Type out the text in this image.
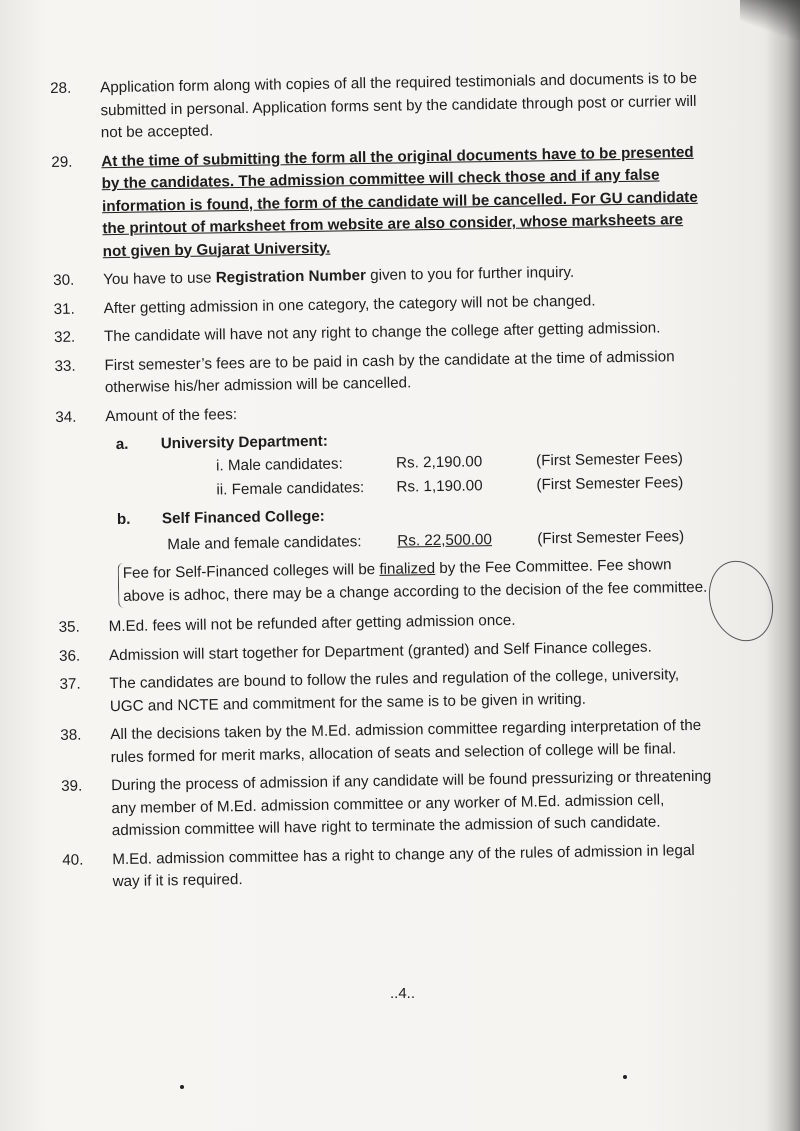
28.	Application form along with copies of all the required testimonials and documents is to be submitted in personal. Application forms sent by the candidate through post or currier will not be accepted.
29.	At the time of submitting the form all the original documents have to be presented by the candidates. The admission committee will check those and if any false information is found, the form of the candidate will be cancelled. For GU candidate the printout of marksheet from website are also consider, whose marksheets are not given by Gujarat University.
30.	You have to use Registration Number given to you for further inquiry.
31.	After getting admission in one category, the category will not be changed.
32.	The candidate will have not any right to change the college after getting admission.
33.	First semester’s fees are to be paid in cash by the candidate at the time of admission otherwise his/her admission will be cancelled.
34.	Amount of the fees:
a. University Department:
i. Male candidates:	Rs. 2,190.00	(First Semester Fees)
ii. Female candidates: Rs. 1,190.00	(First Semester Fees)
b. Self Financed College:
Male and female candidates: Rs. 22,500.00	(First Semester Fees)
Fee for Self-Financed colleges will be finalized by the Fee Committee. Fee shown above is adhoc, there may be a change according to the decision of the fee committee.
35.	M.Ed. fees will not be refunded after getting admission once.
36.	Admission will start together for Department (granted) and Self Finance colleges.
37.	The candidates are bound to follow the rules and regulation of the college, university, UGC and NCTE and commitment for the same is to be given in writing.
38.	All the decisions taken by the M.Ed. admission committee regarding interpretation of the rules formed for merit marks, allocation of seats and selection of college will be final.
39.	During the process of admission if any candidate will be found pressurizing or threatening any member of M.Ed. admission committee or any worker of M.Ed. admission cell, admission committee will have right to terminate the admission of such candidate.
40.	M.Ed. admission committee has a right to change any of the rules of admission in legal way if it is required.
..4..
